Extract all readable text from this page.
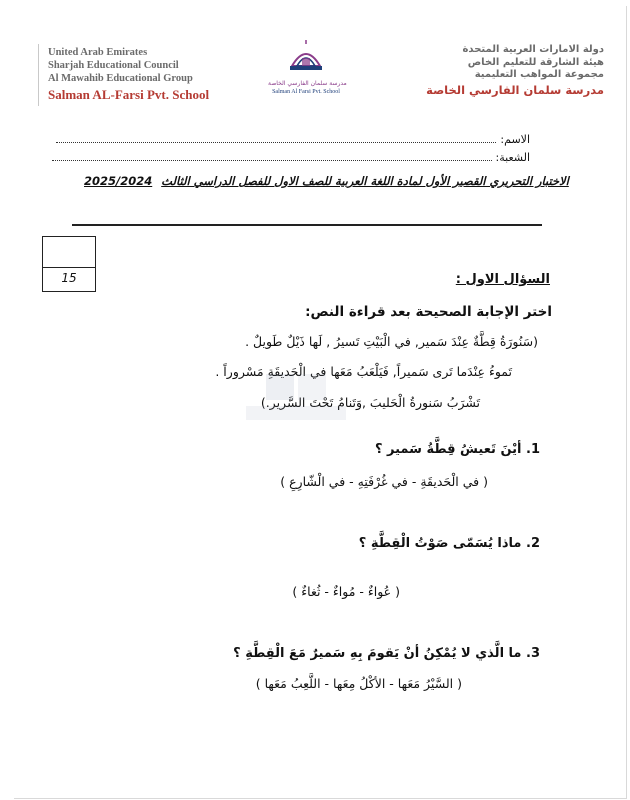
United Arab Emirates
Sharjah Educational Council
Al Mawahib Educational Group
Salman AL-Farsi Pvt. School
مدرسة سلمان الفارسي الخاصة
Salman Al Farsi Pvt. School
دولة الامارات العربية المتحدة
هيئة الشارقة للتعليم الخاص
مجموعة المواهب التعليمية
مدرسة سلمان الفارسي الخاصة
الاسم:
الشعبة:
الاختبار التحريري القصير الأول لمادة اللغة العربية للصف الاول للفصل الدراسي الثالث
2025/2024
15	السؤال الاول :
اختر الإجابة الصحيحة بعد قراءة النص:
(سَنُورَةُ قِطَّةٌ عِنْدَ سَمير, في الْبَيْتِ تَسيرُ , لَها ذَيْلٌ طَويلٌ .
تَموءُ عِنْدَما تَرى سَميراً, فَيَلْعَبُ مَعَها في الْحَديقَةِ مَسْروراً .
تَشْرَبُ سَنورةُ الْحَليبَ ,وَتَنامُ تَحْتَ السَّرير.)
1. أيْنَ تَعيشُ قِطَّةُ سَمير ؟
( في الْحَديقَةِ - في غُرْفَتِهِ - في الْشّارِعِ )
2. ماذا يُسَمّى صَوْتُ الْقِطَّةِ ؟
( عُواءٌ - مُواءٌ - ثُغاءٌ )
3. ما الَّذي لا يُمْكِنُ أنْ يَقومَ بِهِ سَميرٌ مَعَ الْقِطَّةِ ؟
( السَّيْرُ مَعَها - الأكْلُ مِعَها - اللَّعِبُ مَعَها )
